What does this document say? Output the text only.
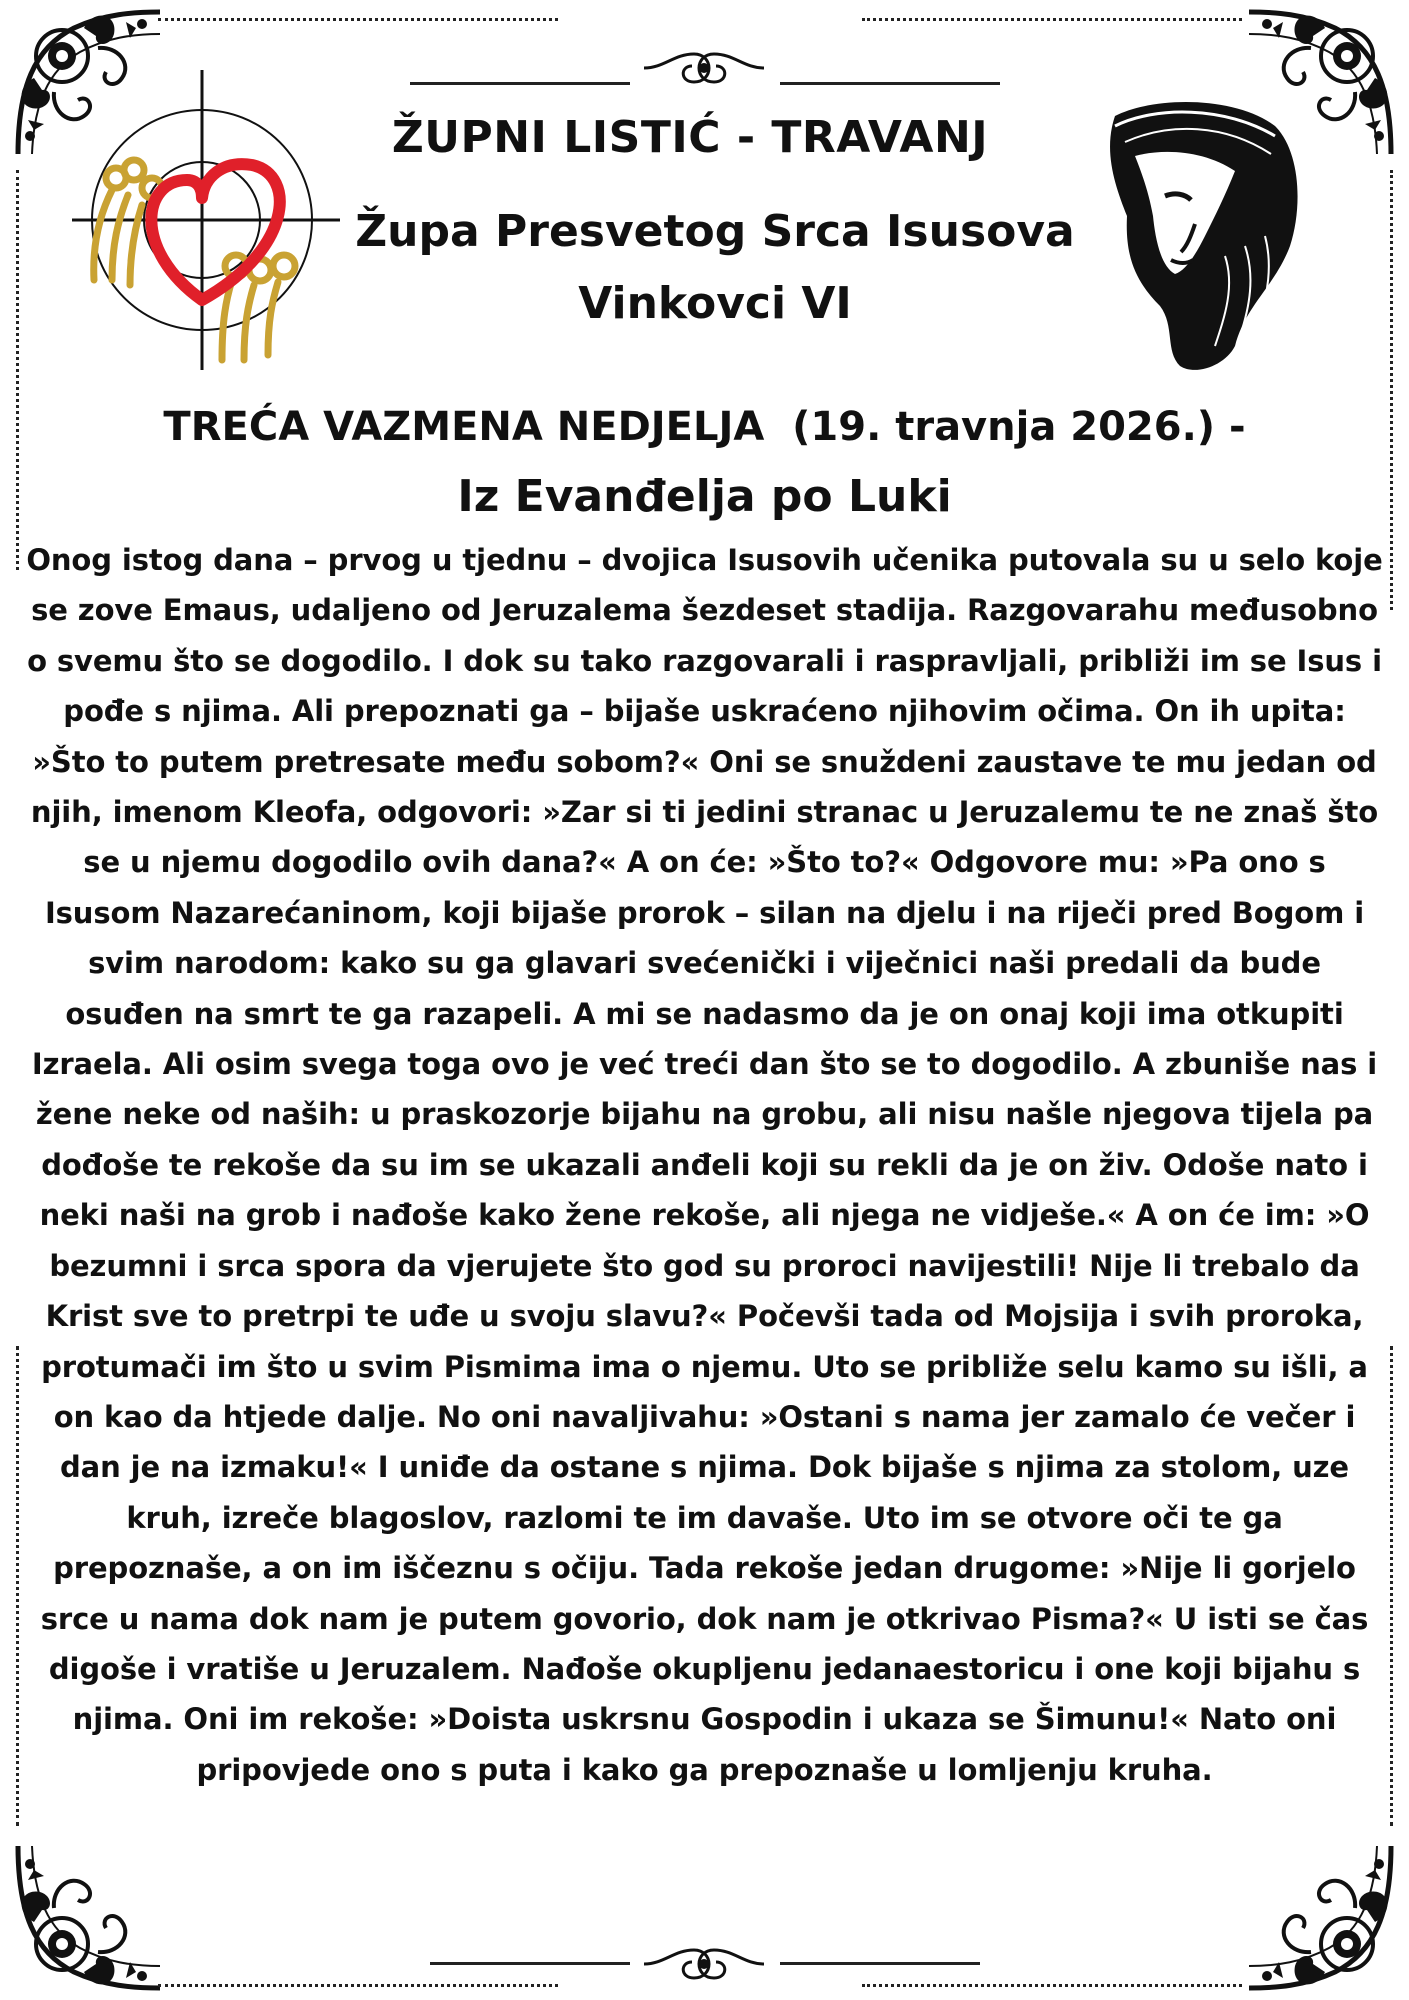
ŽUPNI LISTIĆ - TRAVANJ
Župa Presvetog Srca Isusova
Vinkovci VI
TREĆA VAZMENA NEDJELJA  (19. travnja 2026.) -
Iz Evanđelja po Luki
Onog istog dana – prvog u tjednu – dvojica Isusovih učenika putovala su u selo koje se zove Emaus, udaljeno od Jeruzalema šezdeset stadija. Razgovarahu međusobno o svemu što se dogodilo. I dok su tako razgovarali i raspravljali, približi im se Isus i pođe s njima. Ali prepoznati ga – bijaše uskraćeno njihovim očima. On ih upita: »Što to putem pretresate među sobom?« Oni se snuždeni zaustave te mu jedan od njih, imenom Kleofa, odgovori: »Zar si ti jedini stranac u Jeruzalemu te ne znaš što se u njemu dogodilo ovih dana?« A on će: »Što to?« Odgovore mu: »Pa ono s Isusom Nazarećaninom, koji bijaše prorok – silan na djelu i na riječi pred Bogom i svim narodom: kako su ga glavari svećenički i viječnici naši predali da bude osuđen na smrt te ga razapeli. A mi se nadasmo da je on onaj koji ima otkupiti Izraela. Ali osim svega toga ovo je već treći dan što se to dogodilo. A zbuniše nas i žene neke od naših: u praskozorje bijahu na grobu, ali nisu našle njegova tijela pa dođoše te rekoše da su im se ukazali anđeli koji su rekli da je on živ. Odoše nato i neki naši na grob i nađoše kako žene rekoše, ali njega ne vidješe.« A on će im: »O bezumni i srca spora da vjerujete što god su proroci navijestili! Nije li trebalo da Krist sve to pretrpi te uđe u svoju slavu?« Počevši tada od Mojsija i svih proroka, protumači im što u svim Pismima ima o njemu. Uto se približe selu kamo su išli, a on kao da htjede dalje. No oni navaljivahu: »Ostani s nama jer zamalo će večer i dan je na izmaku!« I uniđe da ostane s njima. Dok bijaše s njima za stolom, uze kruh, izreče blagoslov, razlomi te im davaše. Uto im se otvore oči te ga prepoznaše, a on im iščeznu s očiju. Tada rekoše jedan drugome: »Nije li gorjelo srce u nama dok nam je putem govorio, dok nam je otkrivao Pisma?« U isti se čas digoše i vratiše u Jeruzalem. Nađoše okupljenu jedanaestoricu i one koji bijahu s njima. Oni im rekoše: »Doista uskrsnu Gospodin i ukaza se Šimunu!« Nato oni pripovjede ono s puta i kako ga prepoznaše u lomljenju kruha.
